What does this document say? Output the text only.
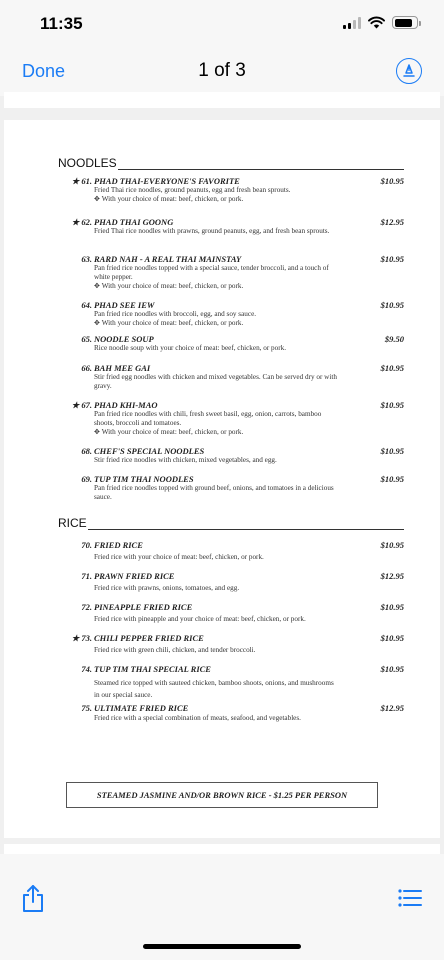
11:35
Done	1 of 3
NOODLES
★ 61. PHAD THAI-EVERYONE'S FAVORITE
Fried Thai rice noodles, ground peanuts, egg and fresh bean sprouts.
✥ With your choice of meat: beef, chicken, or pork.
$10.95
★ 62. PHAD THAI GOONG
Fried Thai rice noodles with prawns, ground peanuts, egg, and fresh bean sprouts.
$12.95
63. RARD NAH - A REAL THAI MAINSTAY
Pan fried rice noodles topped with a special sauce, tender broccoli, and a touch of white pepper.
✥ With your choice of meat: beef, chicken, or pork.
$10.95
64. PHAD SEE IEW
Pan fried rice noodles with broccoli, egg, and soy sauce.
✥ With your choice of meat: beef, chicken, or pork.
$10.95
65. NOODLE SOUP
Rice noodle soup with your choice of meat: beef, chicken, or pork.
$9.50
66. BAH MEE GAI
Stir fried egg noodles with chicken and mixed vegetables. Can be served dry or with gravy.
$10.95
★ 67. PHAD KHI-MAO
Pan fried rice noodles with chili, fresh sweet basil, egg, onion, carrots, bamboo shoots, broccoli and tomatoes.
✥ With your choice of meat: beef, chicken, or pork.
$10.95
68. CHEF'S SPECIAL NOODLES
Stir fried rice noodles with chicken, mixed vegetables, and egg.
$10.95
69. TUP TIM THAI NOODLES
Pan fried rice noodles topped with ground beef, onions, and tomatoes in a delicious sauce.
$10.95
RICE
70. FRIED RICE
Fried rice with your choice of meat: beef, chicken, or pork.
$10.95
71. PRAWN FRIED RICE
Fried rice with prawns, onions, tomatoes, and egg.
$12.95
72. PINEAPPLE FRIED RICE
Fried rice with pineapple and your choice of meat: beef, chicken, or pork.
$10.95
★ 73. CHILI PEPPER FRIED RICE
Fried rice with green chili, chicken, and tender broccoli.
$10.95
74. TUP TIM THAI SPECIAL RICE
Steamed rice topped with sauteed chicken, bamboo shoots, onions, and mushrooms in our special sauce.
$10.95
75. ULTIMATE FRIED RICE
Fried rice with a special combination of meats, seafood, and vegetables.
$12.95
STEAMED JASMINE AND/OR BROWN RICE - $1.25 PER PERSON
